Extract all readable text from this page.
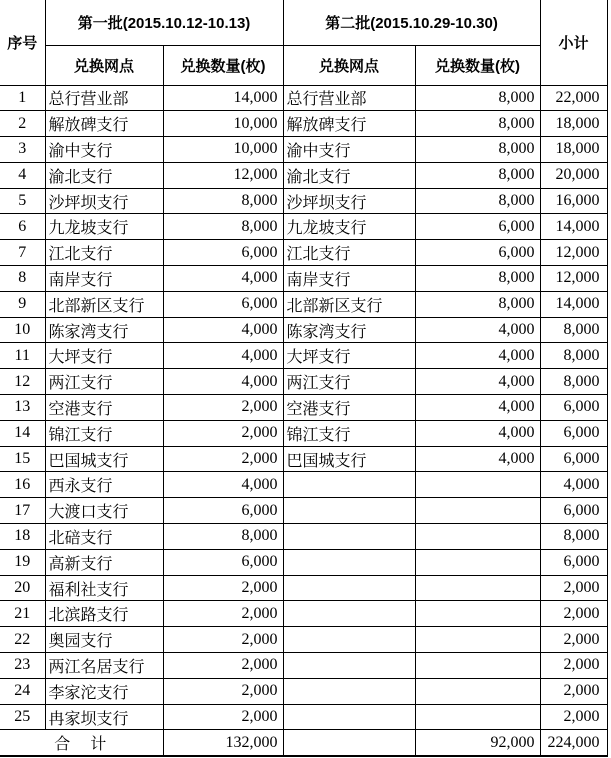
序号	第一批(2015.10.12-10.13)		第二批(2015.10.29-10.30)		小计
	兑换网点	兑换数量(枚)	兑换网点	兑换数量(枚)	
1	总行营业部	14,000	总行营业部	8,000	22,000
2	解放碑支行	10,000	解放碑支行	8,000	18,000
3	渝中支行	10,000	渝中支行	8,000	18,000
4	渝北支行	12,000	渝北支行	8,000	20,000
5	沙坪坝支行	8,000	沙坪坝支行	8,000	16,000
6	九龙坡支行	8,000	九龙坡支行	6,000	14,000
7	江北支行	6,000	江北支行	6,000	12,000
8	南岸支行	4,000	南岸支行	8,000	12,000
9	北部新区支行	6,000	北部新区支行	8,000	14,000
10	陈家湾支行	4,000	陈家湾支行	4,000	8,000
11	大坪支行	4,000	大坪支行	4,000	8,000
12	两江支行	4,000	两江支行	4,000	8,000
13	空港支行	2,000	空港支行	4,000	6,000
14	锦江支行	2,000	锦江支行	4,000	6,000
15	巴国城支行	2,000	巴国城支行	4,000	6,000
16	西永支行	4,000			4,000
17	大渡口支行	6,000			6,000
18	北碚支行	8,000			8,000
19	高新支行	6,000			6,000
20	福利社支行	2,000			2,000
21	北滨路支行	2,000			2,000
22	奥园支行	2,000			2,000
23	两江名居支行	2,000			2,000
24	李家沱支行	2,000			2,000
25	冉家坝支行	2,000			2,000
合　计		132,000		92,000	224,000
